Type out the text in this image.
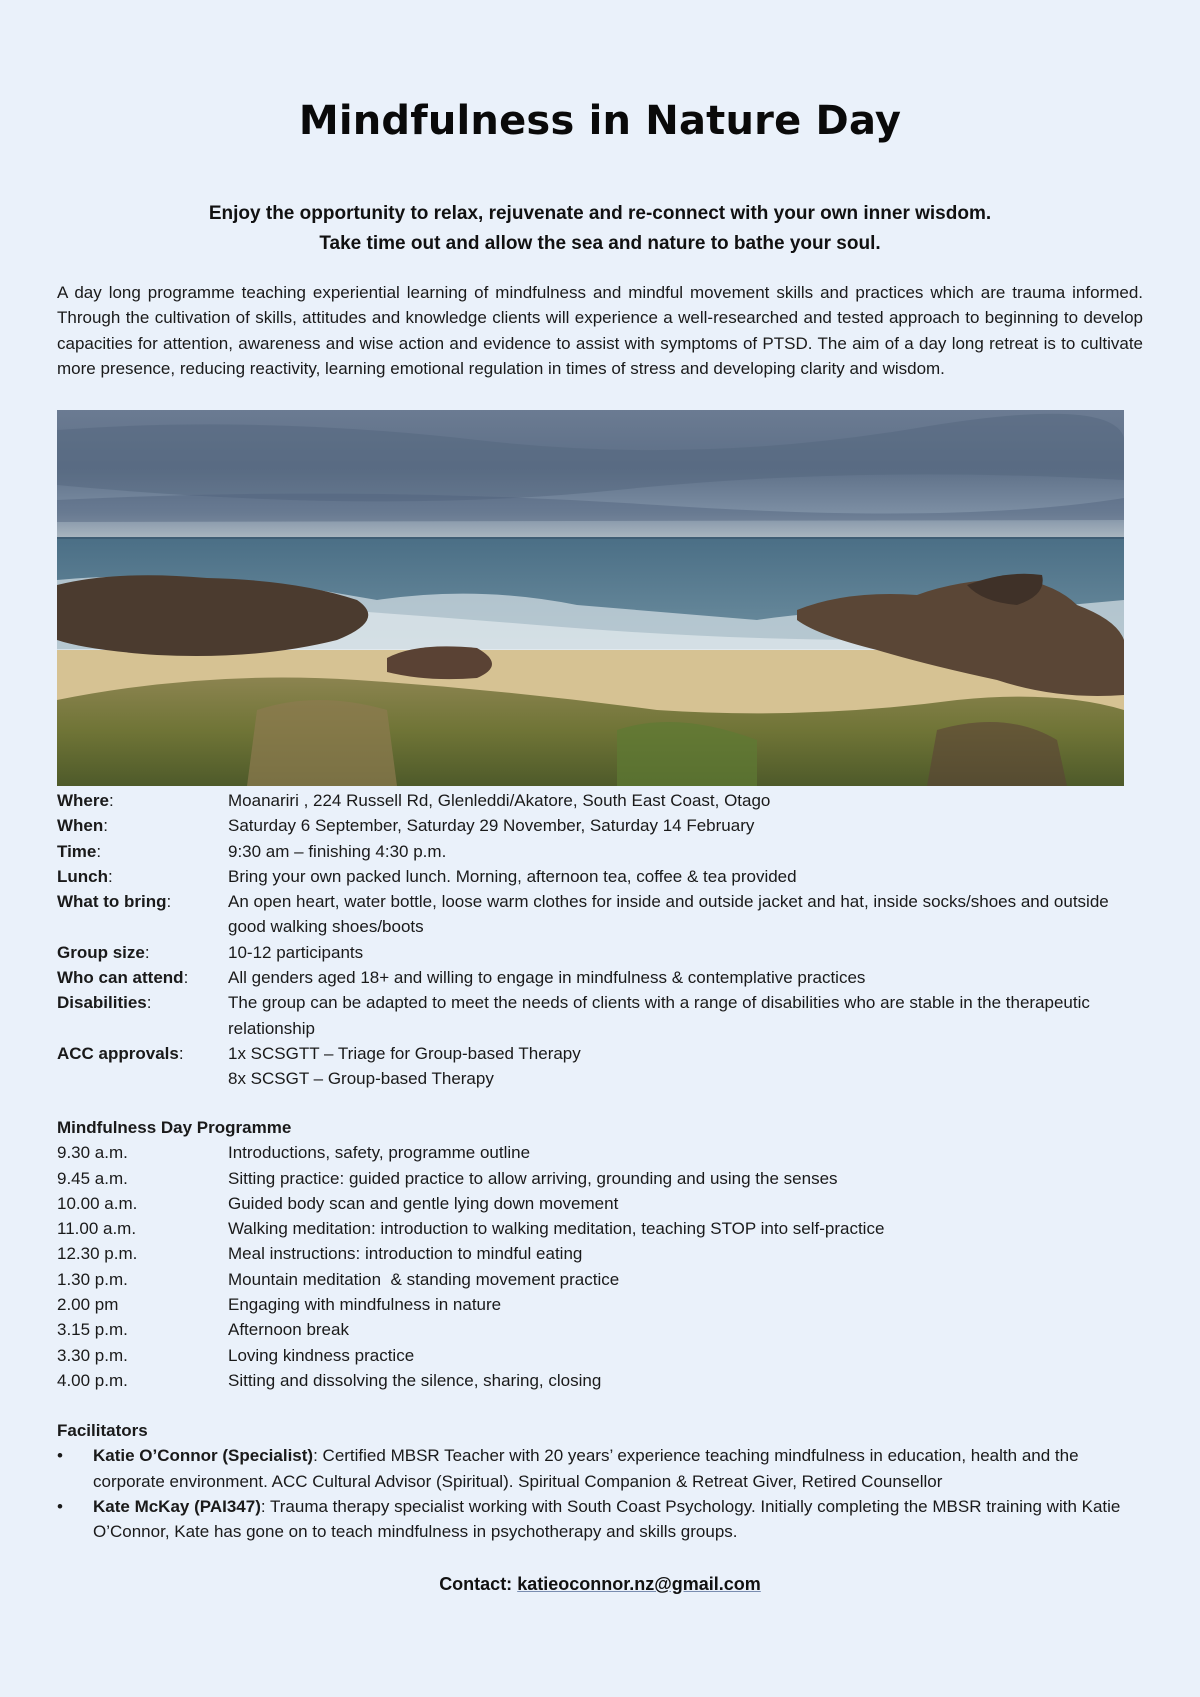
Mindfulness in Nature Day
Enjoy the opportunity to relax, rejuvenate and re-connect with your own inner wisdom.
Take time out and allow the sea and nature to bathe your soul.

A day long programme teaching experiential learning of mindfulness and mindful movement skills and practices which are trauma informed. Through the cultivation of skills, attitudes and knowledge clients will experience a well-researched and tested approach to beginning to develop capacities for attention, awareness and wise action and evidence to assist with symptoms of PTSD. The aim of a day long retreat is to cultivate more presence, reducing reactivity, learning emotional regulation in times of stress and developing clarity and wisdom.

Where:	Moanariri , 224 Russell Rd, Glenleddi/Akatore, South East Coast, Otago
When:	Saturday 6 September, Saturday 29 November, Saturday 14 February
Time:	9:30 am – finishing 4:30 p.m.
Lunch:	Bring your own packed lunch. Morning, afternoon tea, coffee & tea provided
What to bring:	An open heart, water bottle, loose warm clothes for inside and outside jacket and hat, inside socks/shoes and outside good walking shoes/boots
Group size:	10-12 participants
Who can attend:	All genders aged 18+ and willing to engage in mindfulness & contemplative practices
Disabilities:	The group can be adapted to meet the needs of clients with a range of disabilities who are stable in the therapeutic relationship
ACC approvals:	1x SCSGTT – Triage for Group-based Therapy
8x SCSGT – Group-based Therapy
Mindfulness Day Programme
9.30 a.m.	Introductions, safety, programme outline
9.45 a.m.	Sitting practice: guided practice to allow arriving, grounding and using the senses
10.00 a.m.	Guided body scan and gentle lying down movement
11.00 a.m.	Walking meditation: introduction to walking meditation, teaching STOP into self-practice
12.30 p.m.	Meal instructions: introduction to mindful eating
1.30 p.m.	Mountain meditation  & standing movement practice
2.00 pm	Engaging with mindfulness in nature
3.15 p.m.	Afternoon break
3.30 p.m.	Loving kindness practice
4.00 p.m.	Sitting and dissolving the silence, sharing, closing
Facilitators
•	Katie O’Connor (Specialist): Certified MBSR Teacher with 20 years’ experience teaching mindfulness in education, health and the corporate environment. ACC Cultural Advisor (Spiritual). Spiritual Companion & Retreat Giver, Retired Counsellor
•	Kate McKay (PAI347): Trauma therapy specialist working with South Coast Psychology. Initially completing the MBSR training with Katie O’Connor, Kate has gone on to teach mindfulness in psychotherapy and skills groups.
Contact: katieoconnor.nz@gmail.com
